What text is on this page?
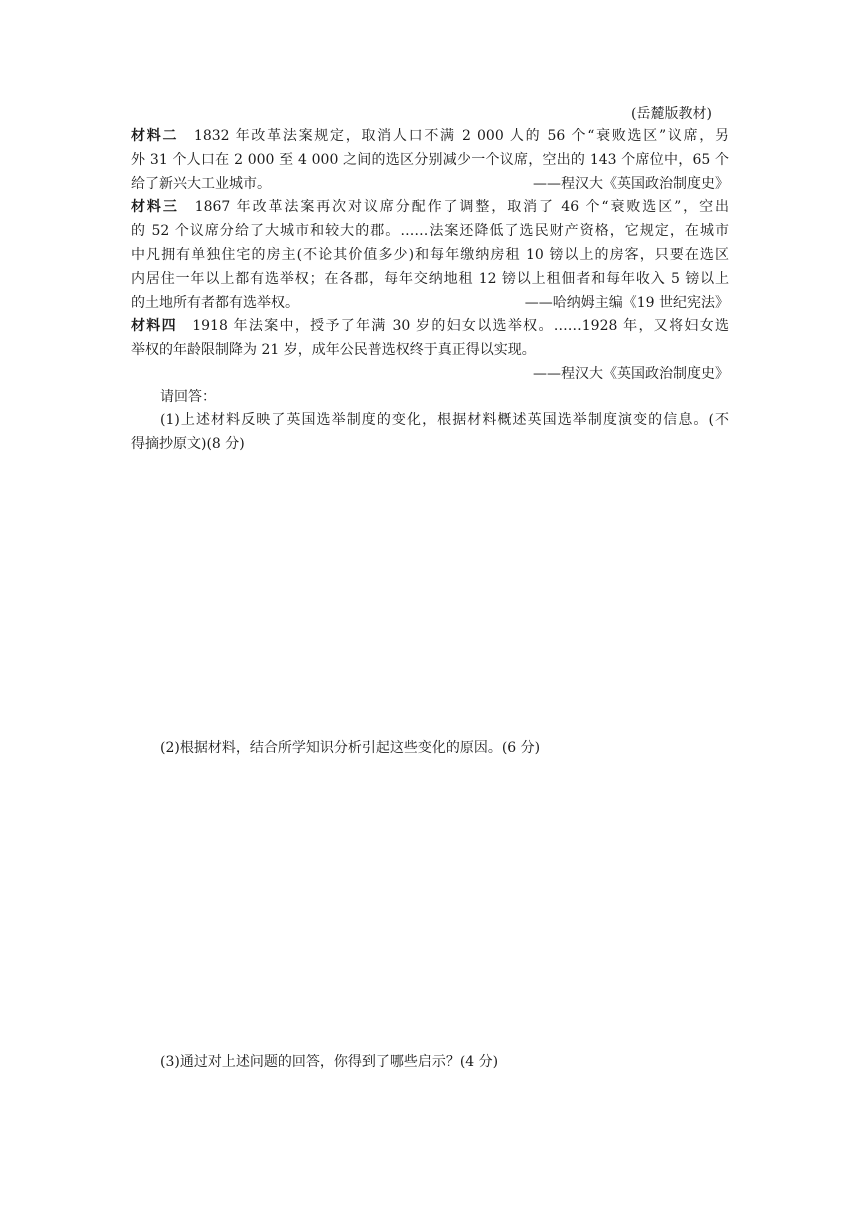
(岳麓版教材)
材料二　 1832 年改革法案规定，取消人口不满 2 000 人的 56 个“衰败选区”议席，另
外 31 个人口在 2 000 至 4 000 之间的选区分别减少一个议席，空出的 143 个席位中，65 个
给了新兴大工业城市。	——程汉大《英国政治制度史》
材料三　 1867 年改革法案再次对议席分配作了调整，取消了 46 个“衰败选区”，空出
的 52 个议席分给了大城市和较大的郡。……法案还降低了选民财产资格，它规定，在城市
中凡拥有单独住宅的房主(不论其价值多少)和每年缴纳房租 10 镑以上的房客，只要在选区
内居住一年以上都有选举权；在各郡，每年交纳地租 12 镑以上租佃者和每年收入 5 镑以上
的土地所有者都有选举权。	——哈纳姆主编《19 世纪宪法》
材料四　 1918 年法案中，授予了年满 30 岁的妇女以选举权。……1928 年，又将妇女选
举权的年龄限制降为 21 岁，成年公民普选权终于真正得以实现。
——程汉大《英国政治制度史》
请回答：
(1)上述材料反映了英国选举制度的变化，根据材料概述英国选举制度演变的信息。(不
得摘抄原文)(8 分)
(2)根据材料，结合所学知识分析引起这些变化的原因。(6 分)
(3)通过对上述问题的回答，你得到了哪些启示？(4 分)
